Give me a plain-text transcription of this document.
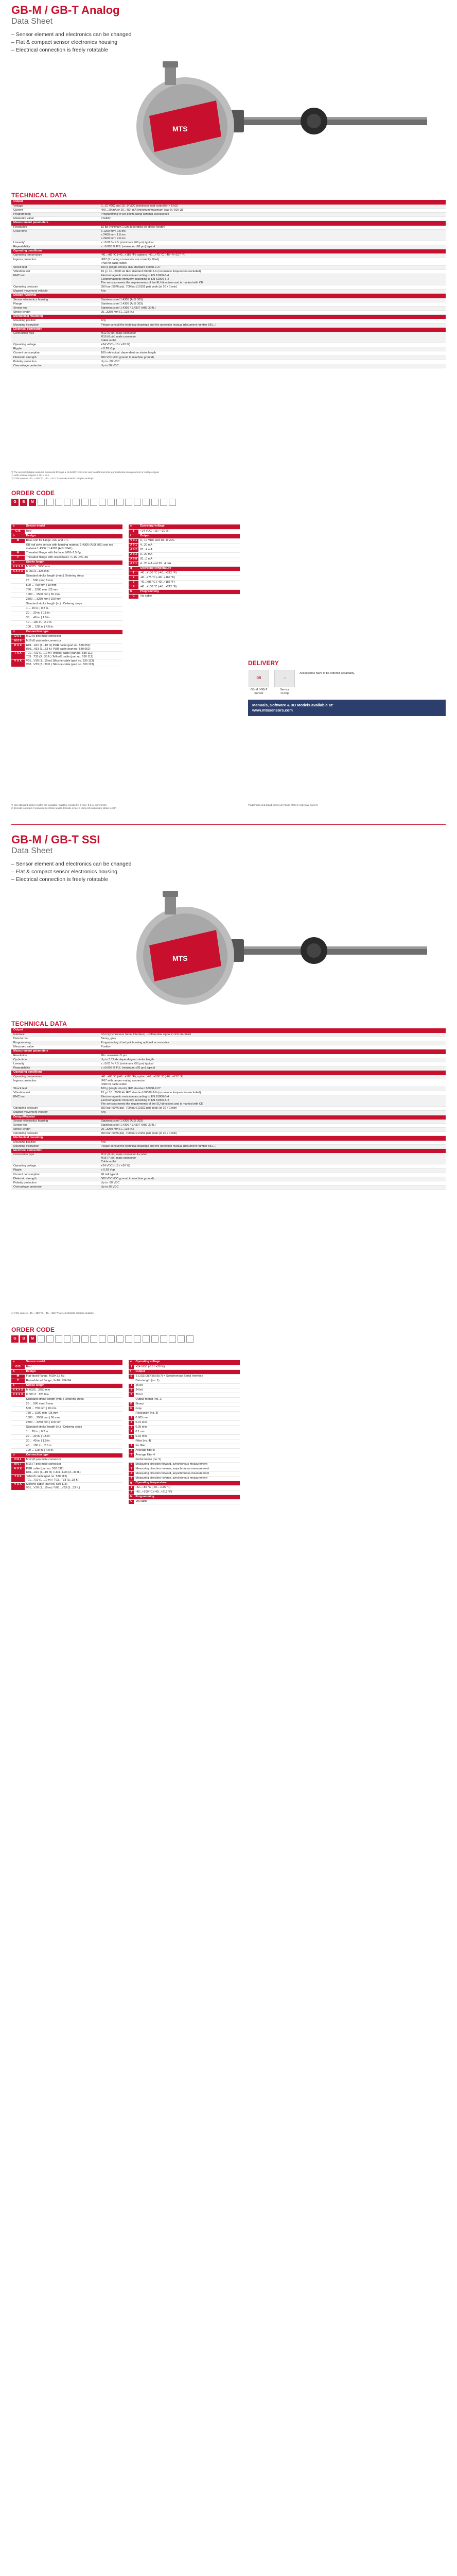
GB-M / GB-T Analog
Data Sheet
– Sensor element and electronics can be changed
– Flat & compact sensor electronics housing
– Electrical connection is freely rotatable
MTS
TECHNICAL DATA
Output	
Voltage	0...10 VDC and 10...0 VDC (minimum load controller > 5 kΩ)
Current	4(0)...20 mA or 20...4(0) mA (minimum/maximum load 0 / 500 Ω)
Programming	Programming of set points using optional accessories
Measured value	Position
Measurement parameters	
Resolution	16 bit (minimum 1 µm depending on stroke length)
Cycle time	≤ 1200 mm: 0.5 ms
≤ 2400 mm: 1.0 ms
≤ 2400 mm: 2.0 ms
Linearity*	≤ ±0.02 % F.S. (minimum ±60 µm) typical
Repeatability	≤ ±0.005 % F.S. (minimum ±20 µm) typical
Operating conditions	
Operating temperature	-40...+85 °C (-40...+185 °F); options: -40...+75 °C (-40 °F/+167 °F)
Ingress protection	IP67 (if mating connectors are correctly fitted)
IP68 for cable outlet
Shock test	100 g (single shock), IEC standard 60068-2-27
Vibration test	15 g / 10...2000 Hz IEC standard 60068-2-6 (resonance frequencies excluded)
EMC test	Electromagnetic emission according to EN 61000-6-4
Electromagnetic immunity according to EN 61000-6-2
The sensors meets the requirements of the EU directives and is marked with CE
Operating pressure	350 bar (5076 psi), 700 bar (10152 psi) peak (at 10 x 1 min)
Magnet movement velocity	Any
Design / Material	
Sensor electronics housing	Stainless steel 1.4305 (AISI 303)
Flange	Stainless steel 1.4305 (AISI 303)
Sensor rod	Stainless steel 1.4306 / 1.4307 (AISI 304L)
Stroke length	25...3250 mm (1...128 in.)
Mechanical mounting	
Mounting position	Any
Mounting instruction	Please consult the technical drawings and the operation manual (document number 551...)
Electrical connection	
Connection type	M12 (5 pin) male connector
M16 (6 pin) male connector
Cable outlet
Operating voltage	+24 VDC (-15 / +20 %)
Ripple	≤ 0.28 Vpp
Current consumption	100 mA typical, dependent on stroke length
Dielectric strength	500 VDC (DC ground to machine ground)
Polarity protection	Up to -30 VDC
Overvoltage protection	Up to 36 VDC
*) The electrical digital output is measured through a 16-bit D/A converter and transformed into a proportional analog current or voltage signal.
1) With positive magnet # 251 416-2
2) If the value of -40...+100 °C / -40...+212 °F are electrosorb complex analogs
ORDER CODE
G	B	M
a	Sensor model
G B	Rod
b	Design
M	Base unit for flange «M» and «T»
	GB rod style sensor with housing material 1.4305 (AISI 303) and rod material 1.4306 / 1.4307 (AISI 304L)
M	Threaded flange with flat face, M18×1.5 6g
T	Threaded flange with raised facet, ¾-16 UNF-3A
c	Stroke length
X X X X	M 0025...3250 mm
X X X X	U 001.0...128.0 in.
	Standard stroke length (mm) | Ordering steps
	25 ... 500 mm | 5 mm
	500 ... 750 mm | 10 mm
	750 ... 1000 mm | 25 mm
	1000 ... 2500 mm | 50 mm
	2500 ... 3250 mm | 100 mm
	Standard stroke length (in.) | Ordering steps
	1 ... 20 in. | 0.2 in.
	20 ... 30 in. | 0.5 in.
	30 ... 40 in. | 1.0 in.
	40 ... 100 in. | 2.0 in.
	100 ... 128 in. | 4.0 in.
d	Connection type
D 5 6	M12 (5 pin) male connector
M 0 6	M16 (6 pin) male connector
H X X	H01...H10 (1...10 m) PUR cable (part no. 530 052)
H03...H33 (3...33 ft.) PUR cable (part no. 530 052)
T X X	T01...T10 (1...10 m) Teflon® cable (part no. 530 112)
T03...T33 (3...33 ft.) Teflon® cable (part no. 530 112)
V X X	V01...V10 (1...10 m) Silicone cable (part no. 530 113)
V03...V33 (3...33 ft.) Silicone cable (part no. 530 113)
e	Operating voltage
1	+24 VDC (-15 / +20 %)
f	Output
V 0 1	0...10 VDC and 10...0 VDC
A 0 1	4...20 mA
A 0 2	20...4 mA
A 0 3	0...20 mA
A 0 8	20...0 mA
A 1 1	4...20 mA and 20...4 mA
g	Operating temperature
1	-40...+100 °C (-40...+212 °F)
2	-40...+75 °C (-40...+167 °F)
3	-40...+85 °C (-40...+185 °F)
4	-40...+100 °C (-40...+212 °F)
h	Programming
C	Via cable
DELIVERY
GB
GB-M / GB-T
Sensor
○
Sensor
O-ring
Accessories have to be ordered separately.
Manuals, Software & 3D Models available at:
www.mtssensors.com
*) Non standard stroke lengths are available; must be encoded in 5 mm / 0.1 in. increments
2) Encode in meters if using metric stroke length. Encode in feet if using US customary stroke length
Trademarks and brand names are those of their respective owners
GB-M / GB-T SSI
Data Sheet
– Sensor element and electronics can be changed
– Flat & compact sensor electronics housing
– Electrical connection is freely rotatable
MTS
TECHNICAL DATA
Output	
Interface	SSI (Synchronous Serial Interface) – Differential signal in SSI standard
Data format	Binary, gray
Programming	Programming of set points using optional accessories
Measured value	Position
Measurement parameters	
Resolution	Min. resolution 5 µm
Cycle time	Up to 3.7 kHz depending on stroke length
Linearity	≤ ±0.01 % F.S. (minimum ±50 µm) typical
Repeatability	≤ ±0.005 % F.S. (minimum ±20 µm) typical
Operating conditions	
Operating temperature	-40...+85 °C (-40...+185 °F); option: -40...+100 °C (-40...+212 °F)
Ingress protection	IP67 with proper mating connector
IP68 for cable outlet
Shock test	100 g (single shock), IEC standard 60068-2-27
Vibration test	15 g / 10...2000 Hz IEC standard 60068-2-6 (resonance frequencies excluded)
EMC test	Electromagnetic emission according to EN 61000-6-4
Electromagnetic immunity according to EN 61000-6-2
The sensors meets the requirements of the EU directives and is marked with CE
Operating pressure	350 bar (5076 psi), 700 bar (10152 psi) peak (at 10 x 1 min)
Magnet movement velocity	Any
Design/Material	
Sensor electronics housing	Stainless steel 1.4305 (AISI 303)
Sensor rod	Stainless steel 1.4306 / 1.4307 (AISI 304L)
Stroke length	25...3250 mm (1...128 in.)
Operating pressure	350 bar (5076 psi), 700 bar (10152 psi) peak (at 10 x 1 min)
Mechanical mounting	
Mounting position	Any
Mounting instruction	Please consult the technical drawings and the operation manual (document number 551...)
Electrical connection	
Connection type	M12 (8 pin) male connector A-coded
M16 (7 pin) male connector
Cable outlet
Operating voltage	+24 VDC (-15 / +20 %)
Ripple	≤ 0.28 Vpp
Current consumption	90 mA typical
Dielectric strength	500 VDC (DC ground to machine ground)
Polarity protection	Up to -30 VDC
Overvoltage protection	Up to 36 VDC
1) If the value of -40...+100 °C / -40...+212 °F are electrosorb complex analogs
ORDER CODE
G	B	M
a	Sensor model
G B	Rod
b	Design
M	Flat-faced flange, M18×1.5 6g
T	Raised-faced flange, ¾-16 UNF-3A
c	Stroke length
X X X X	M 0025...3250 mm
X X X X	U 001.0...128.0 in.
	Standard stroke length (mm) | Ordering steps
	25 ... 500 mm | 5 mm
	500 ... 750 mm | 10 mm
	750 ... 1000 mm | 25 mm
	1000 ... 2500 mm | 50 mm
	2500 ... 3250 mm | 100 mm
	Standard stroke length (in.) | Ordering steps
	1 ... 20 in. | 0.2 in.
	20 ... 30 in. | 0.5 in.
	30 ... 40 in. | 1.0 in.
	40 ... 100 in. | 2.0 in.
	100 ... 128 in. | 4.0 in.
d	Connection type
D 8 4	M12 (8 pin) male connector
M 0 7	M16 (7 pin) male connector
H X X	PUR cable (part no. 530 032)
H01...H10 (1...10 m) / H03...H33 (3...33 ft.)
T X X	Teflon® cable (part no. 530 112)
T01...T10 (1...10 m) / T03...T33 (3...33 ft.)
V X X	Silicone cable (part no. 530 113)
V01...V10 (1...10 m) / V03...V33 (3...33 ft.)
e	Operating voltage
1	+24 VDC (-15 / +20 %)
f	Output
S	S (1)(2)(3)(4)(5)(6)(7) = Synchronous Serial Interface
	Data length (no. 1)
1	25 bit
2	24 bit
3	26 bit
	Output format (no. 2)
B	Binary
G	Gray
	Resolution (no. 3)
1	0.005 mm
2	0.01 mm
3	0.05 mm
4	0.1 mm
5	0.02 mm
	Filter (no. 4)
1	No filter
2	Average filter 8
3	Average filter 4
	Performance (no. 5)
0	Measuring direction forward, synchronous measurement
1	Measuring direction reverse, asynchronous measurement
2	Measuring direction forward, asynchronous measurement
3	Measuring direction reverse, synchronous measurement
g	Operating temperature
1	-40...+85 °C (-40...+185 °F)
2	-40...+100 °C (-40...+212 °F)
h	Programming
C	Via cable
